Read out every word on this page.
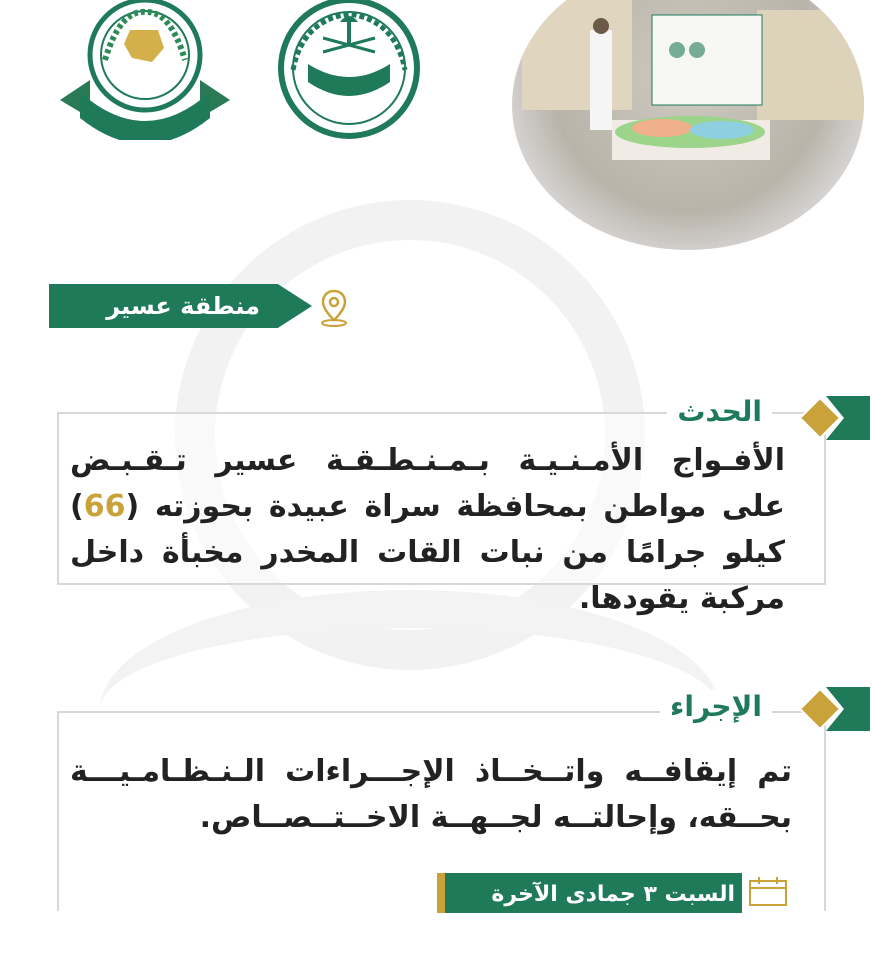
منطقة عسير
الحدث
الأفـواج الأمـنـيـة بـمـنـطـقـة عسير تـقـبـض على مواطن بمحافظة سراة عبيدة بحوزته (66) كيلو جرامًا من نبات القات المخدر مخبأة داخل مركبة يقودها.
الإجراء
تم إيقافــه واتــخــاذ الإجـــراءات الـنـظـامـيـــة بحــقه، وإحالتــه لجــهــة الاخــتــصــاص.
السبت ٣ جمادى الآخرة ١٤٤٥هـ
